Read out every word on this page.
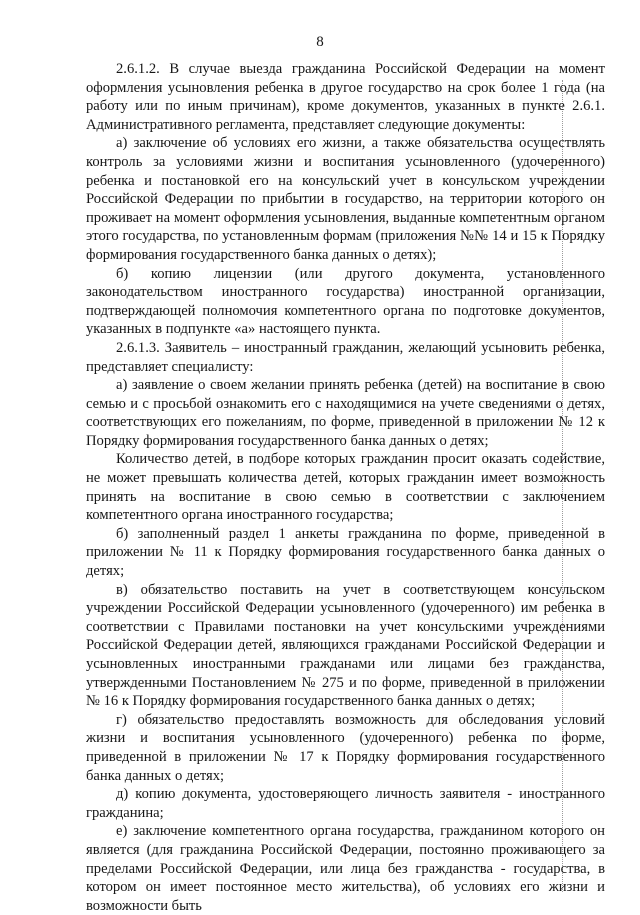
8

2.6.1.2. В случае выезда гражданина Российской Федерации на момент оформления усыновления ребенка в другое государство на срок более 1 года (на работу или по иным причинам), кроме документов, указанных в пункте 2.6.1. Административного регламента, представляет следующие документы:

а) заключение об условиях его жизни, а также обязательства осуществлять контроль за условиями жизни и воспитания усыновленного (удочеренного) ребенка и постановкой его на консульский учет в консульском учреждении Российской Федерации по прибытии в государство, на территории которого он проживает на момент оформления усыновления, выданные компетентным органом этого государства, по установленным формам (приложения №№ 14 и 15 к Порядку формирования государственного банка данных о детях);

б) копию лицензии (или другого документа, установленного законодательством иностранного государства) иностранной организации, подтверждающей полномочия компетентного органа по подготовке документов, указанных в подпункте «а» настоящего пункта.

2.6.1.3. Заявитель – иностранный гражданин, желающий усыновить ребенка, представляет специалисту:

а) заявление о своем желании принять ребенка (детей) на воспитание в свою семью и с просьбой ознакомить его с находящимися на учете сведениями о детях, соответствующих его пожеланиям, по форме, приведенной в приложении № 12 к Порядку формирования государственного банка данных о детях;

Количество детей, в подборе которых гражданин просит оказать содействие, не может превышать количества детей, которых гражданин имеет возможность принять на воспитание в свою семью в соответствии с заключением компетентного органа иностранного государства;

б) заполненный раздел 1 анкеты гражданина по форме, приведенной в приложении № 11 к Порядку формирования государственного банка данных о детях;

в) обязательство поставить на учет в соответствующем консульском учреждении Российской Федерации усыновленного (удочеренного) им ребенка в соответствии с Правилами постановки на учет консульскими учреждениями Российской Федерации детей, являющихся гражданами Российской Федерации и усыновленных иностранными гражданами или лицами без гражданства, утвержденными Постановлением № 275 и по форме, приведенной в приложении № 16 к Порядку формирования государственного банка данных о детях;

г) обязательство предоставлять возможность для обследования условий жизни и воспитания усыновленного (удочеренного) ребенка по форме, приведенной в приложении № 17 к Порядку формирования государственного банка данных о детях;

д) копию документа, удостоверяющего личность заявителя - иностранного гражданина;

е) заключение компетентного органа государства, гражданином которого он является (для гражданина Российской Федерации, постоянно проживающего за пределами Российской Федерации, или лица без гражданства - государства, в котором он имеет постоянное место жительства), об условиях его жизни и возможности быть
